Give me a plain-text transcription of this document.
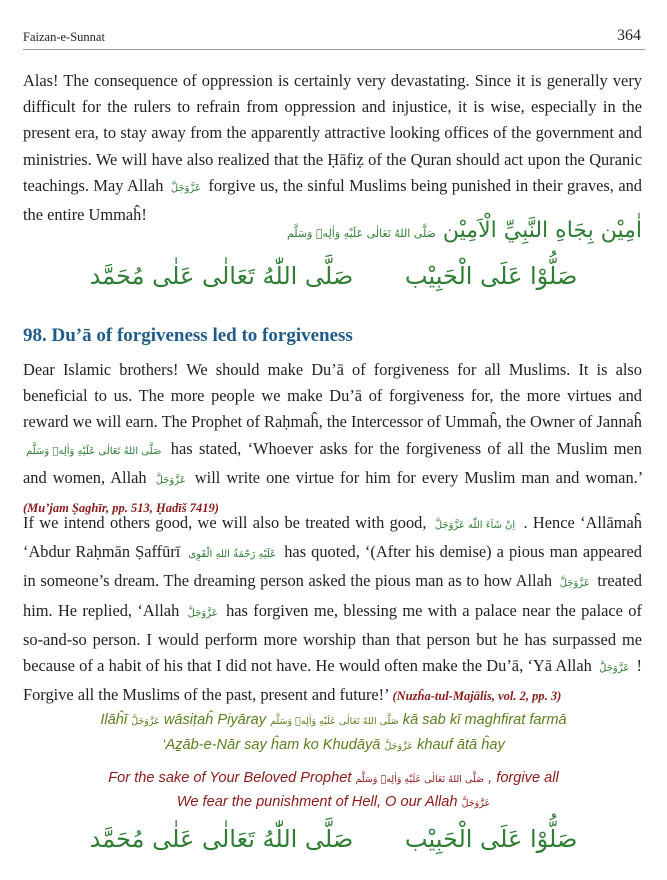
Faizan-e-Sunnat	364

Alas! The consequence of oppression is certainly very devastating. Since it is generally very difficult for the rulers to refrain from oppression and injustice, it is wise, especially in the present era, to stay away from the apparently attractive looking offices of the government and ministries. We will have also realized that the Ḥāfiẓ of the Quran should act upon the Quranic teachings. May Allah عَزَّوَجَلَّ forgive us, the sinful Muslims being punished in their graves, and the entire Ummaĥ!

اٰمِيْن بِجَاهِ النَّبِيِّ الْاَمِيْن صَلَّى اللهُ تَعَالٰى عَلَيْهِ وَاٰلِهٖ وَسَلَّم
صَلَّى اللّٰهُ تَعَالٰى عَلٰى مُحَمَّد صَلُّوْا عَلَى الْحَبِيْب
98. Du’ā of forgiveness led to forgiveness

Dear Islamic brothers! We should make Du’ā of forgiveness for all Muslims. It is also beneficial to us. The more people we make Du’ā of forgiveness for, the more virtues and reward we will earn. The Prophet of Raḥmaĥ, the Intercessor of Ummaĥ, the Owner of Jannaĥ صَلَّى اللهُ تَعَالٰى عَلَيْهِ وَاٰلِهٖ وَسَلَّم has stated, ‘Whoever asks for the forgiveness of all the Muslim men and women, Allah عَزَّوَجَلَّ will write one virtue for him for every Muslim man and woman.’ (Mu’jam Ṣaghīr, pp. 513, Ḥadīš 7419)

If we intend others good, we will also be treated with good, اِنْ شَآءَ اللّٰه عَزَّوَجَلَّ . Hence ‘Allāmaĥ ‘Abdur Raḥmān Ṣaffūrī عَلَيْهِ رَحْمَةُ اللهِ الْقَوِی has quoted, ‘(After his demise) a pious man appeared in someone’s dream. The dreaming person asked the pious man as to how Allah عَزَّوَجَلَّ treated him. He replied, ‘Allah عَزَّوَجَلَّ has forgiven me, blessing me with a palace near the palace of so-and-so person. I would perform more worship than that person but he has surpassed me because of a habit of his that I did not have. He would often make the Du’ā, ‘Yā Allah عَزَّوَجَلَّ ! Forgive all the Muslims of the past, present and future!’ (Nuzĥa-tul-Majālis, vol. 2, pp. 3)

Ilāĥī عَزَّوَجَلَّ wāsiṭaĥ Piyāray صَلَّى اللهُ تَعَالٰى عَلَيْهِ وَاٰلِهٖ وَسَلَّم kā sab kī maghfirat farmā
‘Aẕāb-e-Nār say ĥam ko Khudāyā عَزَّوَجَلَّ khauf ātā ĥay
For the sake of Your Beloved Prophet صَلَّى اللهُ تَعَالٰى عَلَيْهِ وَاٰلِهٖ وَسَلَّم , forgive all
We fear the punishment of Hell, O our Allah عَزَّوَجَلَّ
صَلَّى اللّٰهُ تَعَالٰى عَلٰى مُحَمَّد صَلُّوْا عَلَى الْحَبِيْب
